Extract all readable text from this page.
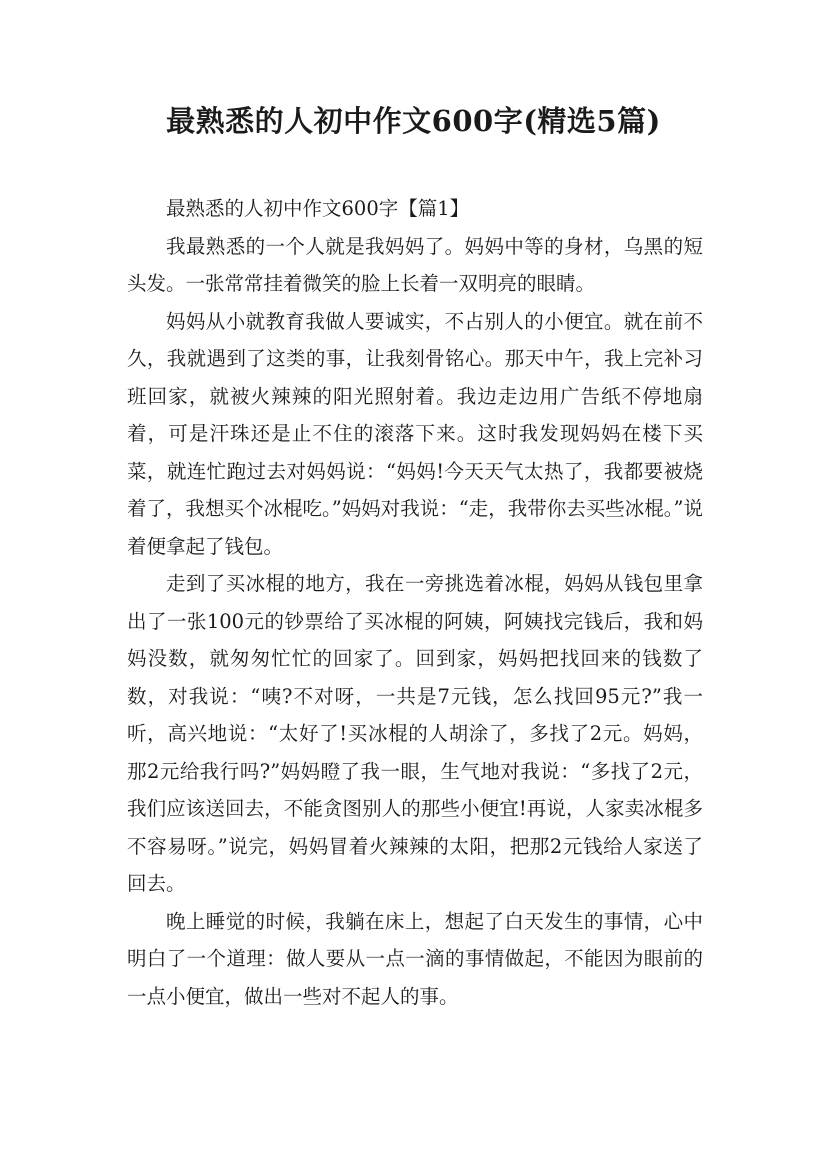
最熟悉的人初中作文600字(精选5篇)

最熟悉的人初中作文600字【篇1】

我最熟悉的一个人就是我妈妈了。妈妈中等的身材，乌黑的短头发。一张常常挂着微笑的脸上长着一双明亮的眼睛。

妈妈从小就教育我做人要诚实，不占别人的小便宜。就在前不久，我就遇到了这类的事，让我刻骨铭心。那天中午，我上完补习班回家，就被火辣辣的阳光照射着。我边走边用广告纸不停地扇着，可是汗珠还是止不住的滚落下来。这时我发现妈妈在楼下买菜，就连忙跑过去对妈妈说：“妈妈!今天天气太热了，我都要被烧着了，我想买个冰棍吃。”妈妈对我说：“走，我带你去买些冰棍。”说着便拿起了钱包。

走到了买冰棍的地方，我在一旁挑选着冰棍，妈妈从钱包里拿出了一张100元的钞票给了买冰棍的阿姨，阿姨找完钱后，我和妈妈没数，就匆匆忙忙的回家了。回到家，妈妈把找回来的钱数了数，对我说：“咦?不对呀，一共是7元钱，怎么找回95元?”我一听，高兴地说：“太好了!买冰棍的人胡涂了，多找了2元。妈妈，那2元给我行吗?”妈妈瞪了我一眼，生气地对我说：“多找了2元，我们应该送回去，不能贪图别人的那些小便宜!再说，人家卖冰棍多不容易呀。”说完，妈妈冒着火辣辣的太阳，把那2元钱给人家送了回去。

晚上睡觉的时候，我躺在床上，想起了白天发生的事情，心中明白了一个道理：做人要从一点一滴的事情做起，不能因为眼前的一点小便宜，做出一些对不起人的事。
